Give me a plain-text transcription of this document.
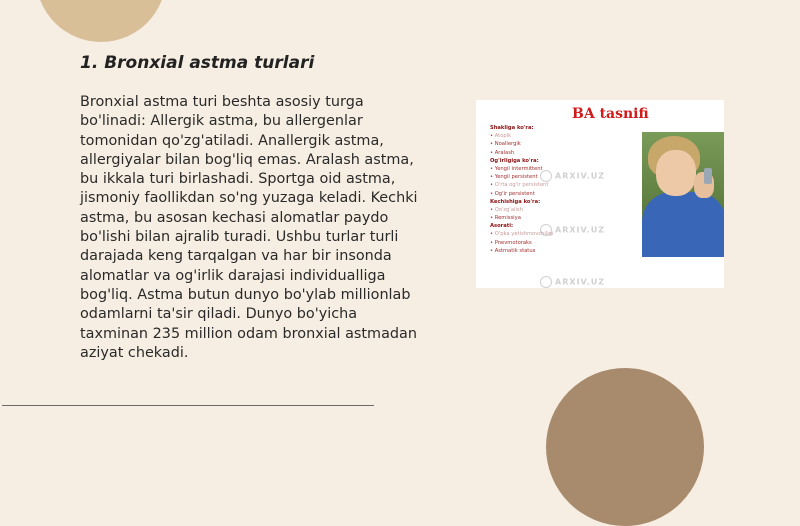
1. Bronxial astma turlari

Bronxial astma turi beshta asosiy turga bo'linadi: Allergik astma, bu allergenlar tomonidan qo'zg'atiladi. Anallergik astma, allergiyalar bilan bog'liq emas. Aralash astma, bu ikkala turi birlashadi. Sportga oid astma, jismoniy faollikdan so'ng yuzaga keladi. Kechki astma, bu asosan kechasi alomatlar paydo bo'lishi bilan ajralib turadi. Ushbu turlar turli darajada keng tarqalgan va har bir insonda alomatlar va og'irlik darajasi individualliga bog'liq. Astma butun dunyo bo'ylab millionlab odamlarni ta'sir qiladi. Dunyo bo'yicha taxminan 235 million odam bronxial astmadan aziyat chekadi.

BA tasnifi
Shakliga ko'ra:
• Atopik
• Noallergik
• Aralash
Og'irligiga ko'ra:
• Yengil intermittent
• Yengil persistent
• O'rta og'ir persistent
• Og'ir persistent
Kechishiga ko'ra:
• Qo'zg'alish
• Remissiya
Asorati:
• O'pka yetishmovchiligi
• Pnevmotoraks
• Astmatik status
ARXIV.UZ
ARXIV.UZ
ARXIV.UZ
